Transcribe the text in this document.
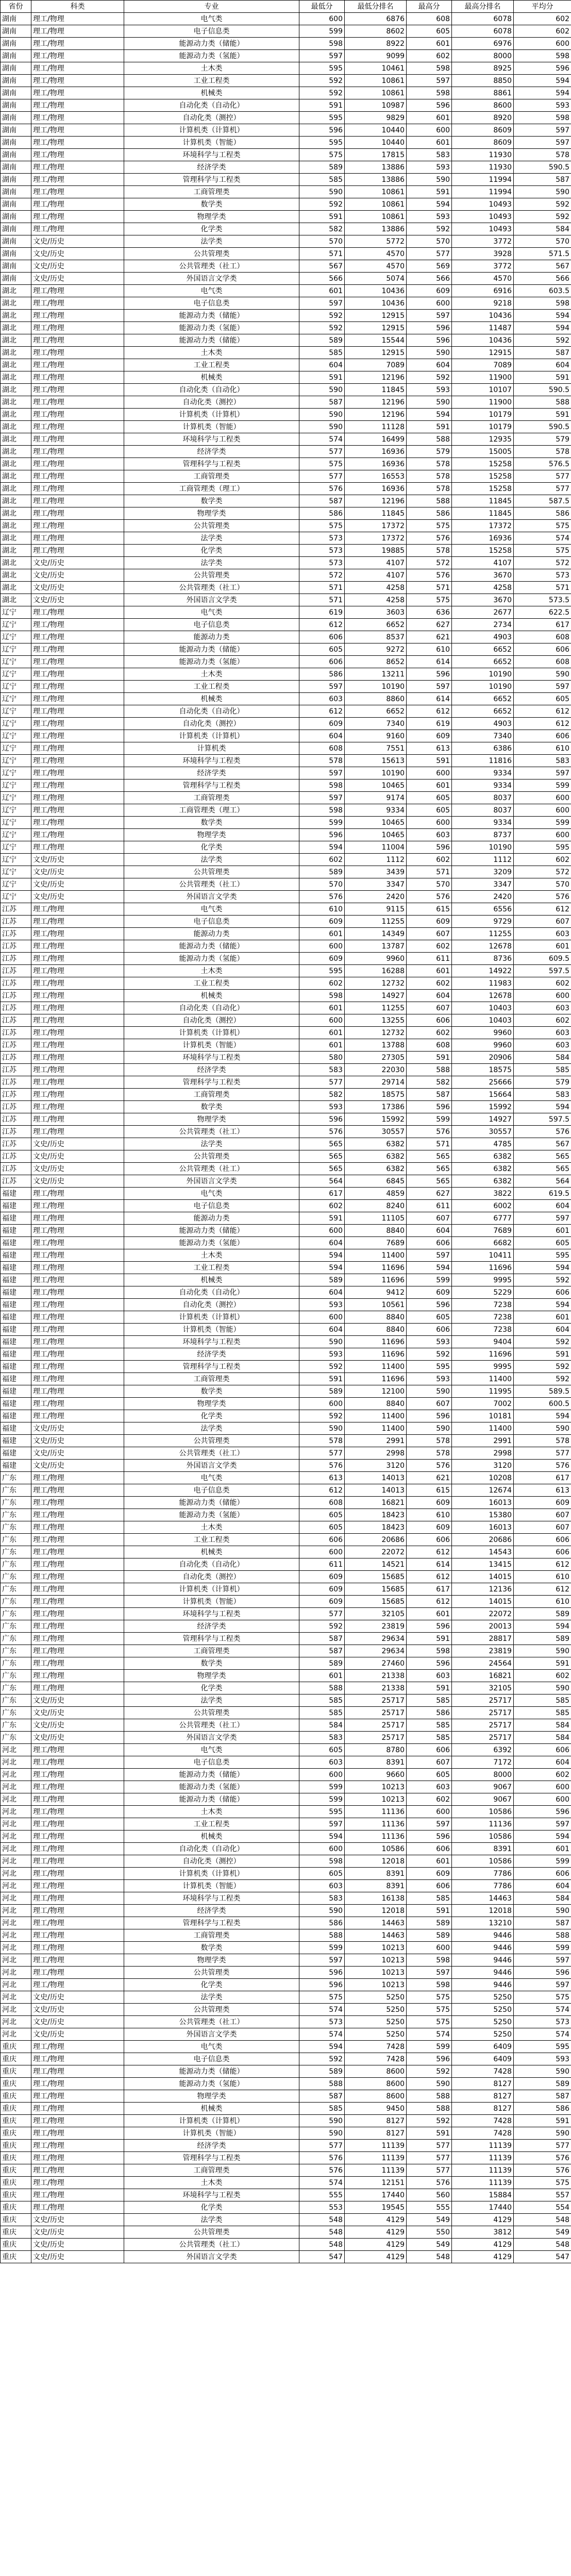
省份	科类	专业	最低分	最低分排名	最高分	最高分排名	平均分
湖南	理工/物理	电气类	600	6876	608	6078	602
湖南	理工/物理	电子信息类	599	8602	605	6078	602
湖南	理工/物理	能源动力类（储能）	598	8922	601	6976	600
湖南	理工/物理	能源动力类（氢能）	597	9099	602	8000	598
湖南	理工/物理	土木类	595	10461	598	8925	596
湖南	理工/物理	工业工程类	592	10861	597	8850	594
湖南	理工/物理	机械类	592	10861	598	8861	594
湖南	理工/物理	自动化类（自动化）	591	10987	596	8600	593
湖南	理工/物理	自动化类（测控）	595	9829	601	8920	598
湖南	理工/物理	计算机类（计算机）	596	10440	600	8609	597
湖南	理工/物理	计算机类（智能）	595	10440	601	8609	597
湖南	理工/物理	环境科学与工程类	575	17815	583	11930	578
湖南	理工/物理	经济学类	589	13886	593	11930	590.5
湖南	理工/物理	管理科学与工程类	585	13886	590	11994	587
湖南	理工/物理	工商管理类	590	10861	591	11994	590
湖南	理工/物理	数学类	592	10861	594	10493	592
湖南	理工/物理	物理学类	591	10861	593	10493	592
湖南	理工/物理	化学类	582	13886	592	10493	584
湖南	文史/历史	法学类	570	5772	570	3772	570
湖南	文史/历史	公共管理类	571	4570	577	3928	571.5
湖南	文史/历史	公共管理类（社工）	567	4570	569	3772	567
湖南	文史/历史	外国语言文学类	566	5074	566	4570	566
湖北	理工/物理	电气类	601	10436	609	6916	603.5
湖北	理工/物理	电子信息类	597	10436	600	9218	598
湖北	理工/物理	能源动力类（储能）	592	12915	597	10436	594
湖北	理工/物理	能源动力类（氢能）	592	12915	596	11487	594
湖北	理工/物理	能源动力类（储能）	589	15544	596	10436	592
湖北	理工/物理	土木类	585	12915	590	12915	587
湖北	理工/物理	工业工程类	604	7089	604	7089	604
湖北	理工/物理	机械类	591	12196	592	11900	591
湖北	理工/物理	自动化类（自动化）	590	11845	593	10107	590.5
湖北	理工/物理	自动化类（测控）	587	12196	590	11900	588
湖北	理工/物理	计算机类（计算机）	590	12196	594	10179	591
湖北	理工/物理	计算机类（智能）	590	11128	591	10179	590.5
湖北	理工/物理	环境科学与工程类	574	16499	588	12935	579
湖北	理工/物理	经济学类	577	16936	579	15005	578
湖北	理工/物理	管理科学与工程类	575	16936	578	15258	576.5
湖北	理工/物理	工商管理类	577	16553	578	15258	577
湖北	理工/物理	工商管理类（理工）	576	16936	578	15258	577
湖北	理工/物理	数学类	587	12196	588	11845	587.5
湖北	理工/物理	物理学类	586	11845	586	11845	586
湖北	理工/物理	公共管理类	575	17372	575	17372	575
湖北	理工/物理	法学类	573	17372	576	16936	574
湖北	理工/物理	化学类	573	19885	578	15258	575
湖北	文史/历史	法学类	573	4107	572	4107	572
湖北	文史/历史	公共管理类	572	4107	576	3670	573
湖北	文史/历史	公共管理类（社工）	571	4258	571	4258	571
湖北	文史/历史	外国语言文学类	571	4258	575	3670	573.5
辽宁	理工/物理	电气类	619	3603	636	2677	622.5
辽宁	理工/物理	电子信息类	612	6652	627	2734	617
辽宁	理工/物理	能源动力类	606	8537	621	4903	608
辽宁	理工/物理	能源动力类（储能）	605	9272	610	6652	606
辽宁	理工/物理	能源动力类（氢能）	606	8652	614	6652	608
辽宁	理工/物理	土木类	586	13211	596	10190	590
辽宁	理工/物理	工业工程类	597	10190	597	10190	597
辽宁	理工/物理	机械类	603	8860	614	6652	605
辽宁	理工/物理	自动化类（自动化）	612	6652	612	6652	612
辽宁	理工/物理	自动化类（测控）	609	7340	619	4903	612
辽宁	理工/物理	计算机类（计算机）	604	9160	609	7340	606
辽宁	理工/物理	计算机类	608	7551	613	6386	610
辽宁	理工/物理	环境科学与工程类	578	15613	591	11816	583
辽宁	理工/物理	经济学类	597	10190	600	9334	597
辽宁	理工/物理	管理科学与工程类	598	10465	601	9334	599
辽宁	理工/物理	工商管理类	597	9174	605	8037	600
辽宁	理工/物理	工商管理类（理工）	598	9334	605	8037	600
辽宁	理工/物理	数学类	599	10465	600	9334	599
辽宁	理工/物理	物理学类	596	10465	603	8737	600
辽宁	理工/物理	化学类	594	11004	596	10190	595
辽宁	文史/历史	法学类	602	1112	602	1112	602
辽宁	文史/历史	公共管理类	589	3439	571	3209	572
辽宁	文史/历史	公共管理类（社工）	570	3347	570	3347	570
辽宁	文史/历史	外国语言文学类	576	2420	576	2420	576
江苏	理工/物理	电气类	610	9115	615	6556	612
江苏	理工/物理	电子信息类	609	11255	609	9729	607
江苏	理工/物理	能源动力类	601	14349	607	11255	603
江苏	理工/物理	能源动力类（储能）	600	13787	602	12678	601
江苏	理工/物理	能源动力类（氢能）	609	9960	611	8736	609.5
江苏	理工/物理	土木类	595	16288	601	14922	597.5
江苏	理工/物理	工业工程类	602	12732	602	11983	602
江苏	理工/物理	机械类	598	14927	604	12678	600
江苏	理工/物理	自动化类（自动化）	601	11255	607	10403	603
江苏	理工/物理	自动化类（测控）	600	13255	606	10403	602
江苏	理工/物理	计算机类（计算机）	601	12732	602	9960	603
江苏	理工/物理	计算机类（智能）	601	13788	608	9960	603
江苏	理工/物理	环境科学与工程类	580	27305	591	20906	584
江苏	理工/物理	经济学类	583	22030	588	18575	585
江苏	理工/物理	管理科学与工程类	577	29714	582	25666	579
江苏	理工/物理	工商管理类	582	18575	587	15664	583
江苏	理工/物理	数学类	593	17386	596	15992	594
江苏	理工/物理	物理学类	596	15992	599	14927	597.5
江苏	理工/物理	公共管理类（社工）	576	30557	576	30557	576
江苏	文史/历史	法学类	565	6382	571	4785	567
江苏	文史/历史	公共管理类	565	6382	565	6382	565
江苏	文史/历史	公共管理类（社工）	565	6382	565	6382	565
江苏	文史/历史	外国语言文学类	564	6845	565	6382	564
福建	理工/物理	电气类	617	4859	627	3822	619.5
福建	理工/物理	电子信息类	602	8240	611	6002	604
福建	理工/物理	能源动力类	591	11105	607	6777	597
福建	理工/物理	能源动力类（储能）	600	8840	604	7689	601
福建	理工/物理	能源动力类（氢能）	604	7689	606	6682	605
福建	理工/物理	土木类	594	11400	597	10411	595
福建	理工/物理	工业工程类	594	11696	594	11696	594
福建	理工/物理	机械类	589	11696	599	9995	592
福建	理工/物理	自动化类（自动化）	604	9412	609	5229	606
福建	理工/物理	自动化类（测控）	593	10561	596	7238	594
福建	理工/物理	计算机类（计算机）	600	8840	605	7238	601
福建	理工/物理	计算机类（智能）	604	8840	606	7238	604
福建	理工/物理	环境科学与工程类	590	11696	593	9404	592
福建	理工/物理	经济学类	593	11696	592	11696	591
福建	理工/物理	管理科学与工程类	592	11400	595	9995	592
福建	理工/物理	工商管理类	591	11696	593	11400	592
福建	理工/物理	数学类	589	12100	590	11995	589.5
福建	理工/物理	物理学类	600	8840	607	7002	600.5
福建	理工/物理	化学类	592	11400	596	10181	594
福建	文史/历史	法学类	590	11400	590	11400	590
福建	文史/历史	公共管理类	578	2991	578	2991	578
福建	文史/历史	公共管理类（社工）	577	2998	578	2998	577
福建	文史/历史	外国语言文学类	576	3120	576	3120	576
广东	理工/物理	电气类	613	14013	621	10208	617
广东	理工/物理	电子信息类	612	14013	615	12674	613
广东	理工/物理	能源动力类（储能）	608	16821	609	16013	609
广东	理工/物理	能源动力类（氢能）	605	18423	610	15380	607
广东	理工/物理	土木类	605	18423	609	16013	607
广东	理工/物理	工业工程类	606	20686	606	20686	606
广东	理工/物理	机械类	600	22072	612	14543	606
广东	理工/物理	自动化类（自动化）	611	14521	614	13415	612
广东	理工/物理	自动化类（测控）	609	15685	612	14015	610
广东	理工/物理	计算机类（计算机）	609	15685	617	12136	612
广东	理工/物理	计算机类（智能）	609	15685	612	14015	610
广东	理工/物理	环境科学与工程类	577	32105	601	22072	589
广东	理工/物理	经济学类	592	23819	596	20013	594
广东	理工/物理	管理科学与工程类	587	29634	591	28817	589
广东	理工/物理	工商管理类	587	29634	598	23819	590
广东	理工/物理	数学类	589	27460	596	24564	591
广东	理工/物理	物理学类	601	21338	603	16821	602
广东	理工/物理	化学类	588	21338	591	32105	590
广东	文史/历史	法学类	585	25717	585	25717	585
广东	文史/历史	公共管理类	585	25717	586	25717	585
广东	文史/历史	公共管理类（社工）	584	25717	585	25717	584
广东	文史/历史	外国语言文学类	583	25717	585	25717	584
河北	理工/物理	电气类	605	8780	606	6392	606
河北	理工/物理	电子信息类	603	8391	607	7172	604
河北	理工/物理	能源动力类（储能）	600	9660	605	8000	602
河北	理工/物理	能源动力类（氢能）	599	10213	603	9067	600
河北	理工/物理	能源动力类（储能）	599	10213	602	9067	600
河北	理工/物理	土木类	595	11136	600	10586	596
河北	理工/物理	工业工程类	597	11136	597	11136	597
河北	理工/物理	机械类	594	11136	596	10586	594
河北	理工/物理	自动化类（自动化）	600	10586	606	8391	601
河北	理工/物理	自动化类（测控）	598	12018	601	10586	599
河北	理工/物理	计算机类（计算机）	605	8391	609	7786	606
河北	理工/物理	计算机类（智能）	603	8391	606	7786	604
河北	理工/物理	环境科学与工程类	583	16138	585	14463	584
河北	理工/物理	经济学类	590	12018	591	12018	590
河北	理工/物理	管理科学与工程类	586	14463	589	13210	587
河北	理工/物理	工商管理类	588	14463	589	9446	588
河北	理工/物理	数学类	599	10213	600	9446	599
河北	理工/物理	物理学类	597	10213	598	9446	597
河北	理工/物理	公共管理类	596	10213	597	9446	596
河北	理工/物理	化学类	596	10213	598	9446	597
河北	文史/历史	法学类	575	5250	575	5250	575
河北	文史/历史	公共管理类	574	5250	575	5250	574
河北	文史/历史	公共管理类（社工）	573	5250	575	5250	573
河北	文史/历史	外国语言文学类	574	5250	574	5250	574
重庆	理工/物理	电气类	594	7428	599	6409	595
重庆	理工/物理	电子信息类	592	7428	596	6409	593
重庆	理工/物理	能源动力类（储能）	589	8600	592	7428	590
重庆	理工/物理	能源动力类（氢能）	588	8600	590	8127	589
重庆	理工/物理	物理学类	587	8600	588	8127	587
重庆	理工/物理	机械类	585	9450	588	8127	586
重庆	理工/物理	计算机类（计算机）	590	8127	592	7428	591
重庆	理工/物理	计算机类（智能）	590	8127	591	7428	590
重庆	理工/物理	经济学类	577	11139	577	11139	577
重庆	理工/物理	管理科学与工程类	576	11139	577	11139	576
重庆	理工/物理	工商管理类	576	11139	577	11139	576
重庆	理工/物理	土木类	574	12151	576	11139	575
重庆	理工/物理	环境科学与工程类	555	17440	560	15884	557
重庆	理工/物理	化学类	553	19545	555	17440	554
重庆	文史/历史	法学类	548	4129	549	4129	548
重庆	文史/历史	公共管理类	548	4129	550	3812	549
重庆	文史/历史	公共管理类（社工）	548	4129	549	4129	548
重庆	文史/历史	外国语言文学类	547	4129	548	4129	547
